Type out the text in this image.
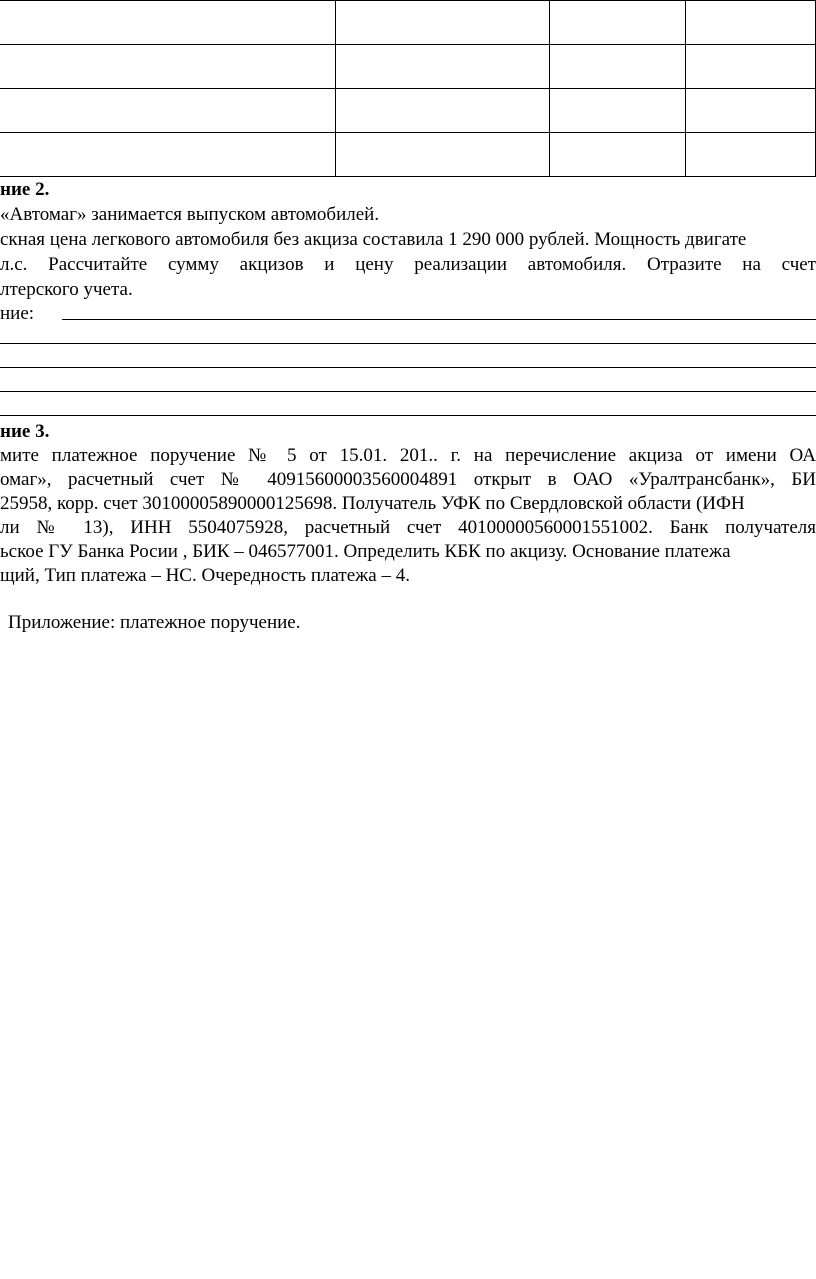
ние 2.
«Автомаг» занимается выпуском автомобилей.
скная цена легкового автомобиля без акциза составила 1 290 000 рублей. Мощность двигате
л.с. Рассчитайте сумму акцизов и цену реализации автомобиля. Отразите на счет
лтерского учета.
ние:
ние 3.
мите платежное поручение № 5 от 15.01. 201.. г. на перечисление акциза от имени ОА
омаг», расчетный счет № 40915600003560004891 открыт в ОАО «Уралтрансбанк», БИ
25958, корр. счет 30100005890000125698. Получатель УФК по Свердловской области (ИФН
ли № 13), ИНН 5504075928, расчетный счет 40100000560001551002. Банк получателя
ьское ГУ Банка Росии , БИК – 046577001. Определить КБК по акцизу. Основание платежа
щий, Тип платежа – НС. Очередность платежа – 4.
Приложение: платежное поручение.
